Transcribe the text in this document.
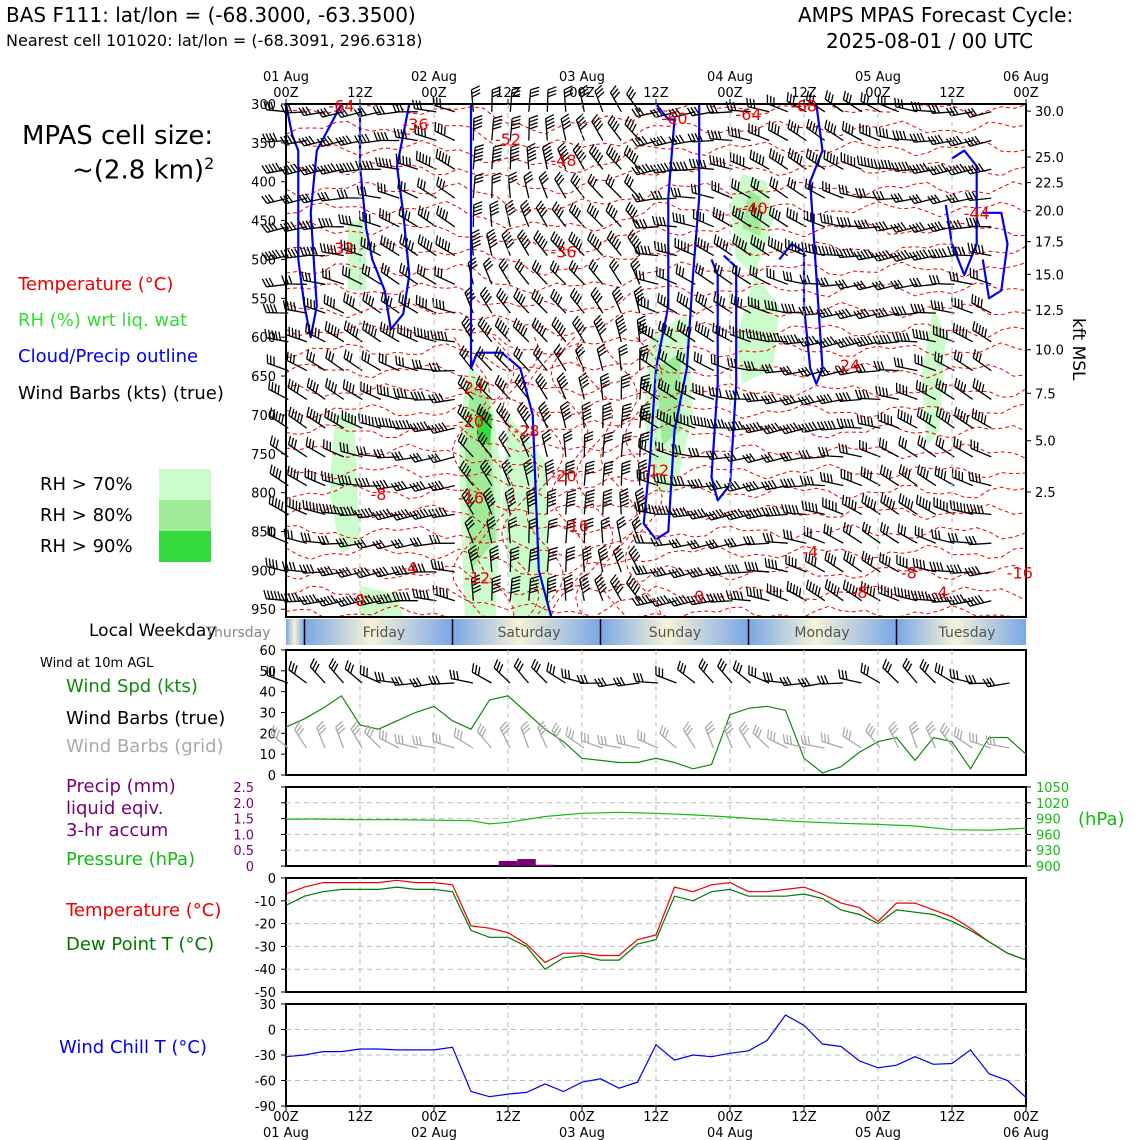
BAS F111: lat/lon = (-68.3000, -63.3500)
Nearest cell 101020: lat/lon = (-68.3091, 296.6318)
AMPS MPAS Forecast Cycle:
2025-08-01 / 00 UTC
MPAS cell size:
~(2.8 km)$^2$
Temperature (°C)
RH (%) wrt liq. wat
Cloud/Precip outline
Wind Barbs (kts) (true)
RH > 70%
RH > 80%
RH > 90%
Local Weekday
Wind at 10m AGL
Wind Spd (kts)
Wind Barbs (true)
Wind Barbs (grid)
Precip (mm)
liquid eqiv.
3-hr accum
Pressure (hPa)
(hPa)
Temperature (°C)
Dew Point T (°C)
Wind Chill T (°C)
kft MSL
-64
-36
-52
-48
-60	-64 -68
-40	-44
-32	-36
-24
-24
-20 -28
-20	-12
-16
-16
-8
-4
-4
-12
0	0
-8
-8	-4
-16
300
350
400
450
500
550
600
650
700
750
800
850
900
950
30.0
25.0
22.5
20.0
17.5
15.0
12.5
10.0
7.5
5.0
2.5
00Z	12Z	00Z	12Z	00Z	12Z	00Z	12Z	00Z	12Z	00Z
01 Aug	02 Aug	03 Aug	04 Aug	05 Aug	06 Aug
Thursday	Friday	Saturday	Sunday	Monday	Tuesday
0
10
20
30
40
50
60
0
0.5
1.0
1.5
2.0
2.5
900
930
960
990
1020
1050
0
-10
-20
-30
-40
-50
30
0
-30
-60
-90
00Z	12Z	00Z	12Z	00Z	12Z	00Z	12Z	00Z	12Z	00Z
01 Aug	02 Aug	03 Aug	04 Aug	05 Aug	06 Aug
